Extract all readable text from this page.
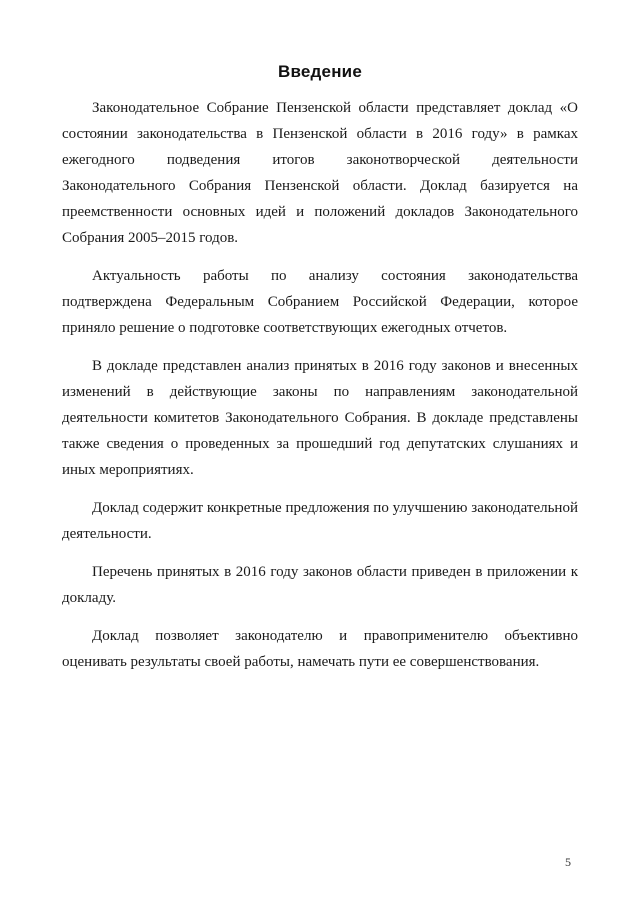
Введение

Законодательное Собрание Пензенской области представляет доклад «О состоянии законодательства в Пензенской области в 2016 году» в рамках ежегодного подведения итогов законотворческой деятельности Законодательного Собрания Пензенской области. Доклад базируется на преемственности основных идей и положений докладов Законодательного Собрания 2005–2015 годов.

Актуальность работы по анализу состояния законодательства подтверждена Федеральным Собранием Российской Федерации, которое приняло решение о подготовке соответствующих ежегодных отчетов.

В докладе представлен анализ принятых в 2016 году законов и внесенных изменений в действующие законы по направлениям законодательной деятельности комитетов Законодательного Собрания. В докладе представлены также сведения о проведенных за прошедший год депутатских слушаниях и иных мероприятиях.

Доклад содержит конкретные предложения по улучшению законодательной деятельности.

Перечень принятых в 2016 году законов области приведен в приложении к докладу.

Доклад позволяет законодателю и правоприменителю объективно оценивать результаты своей работы, намечать пути ее совершенствования.

5
